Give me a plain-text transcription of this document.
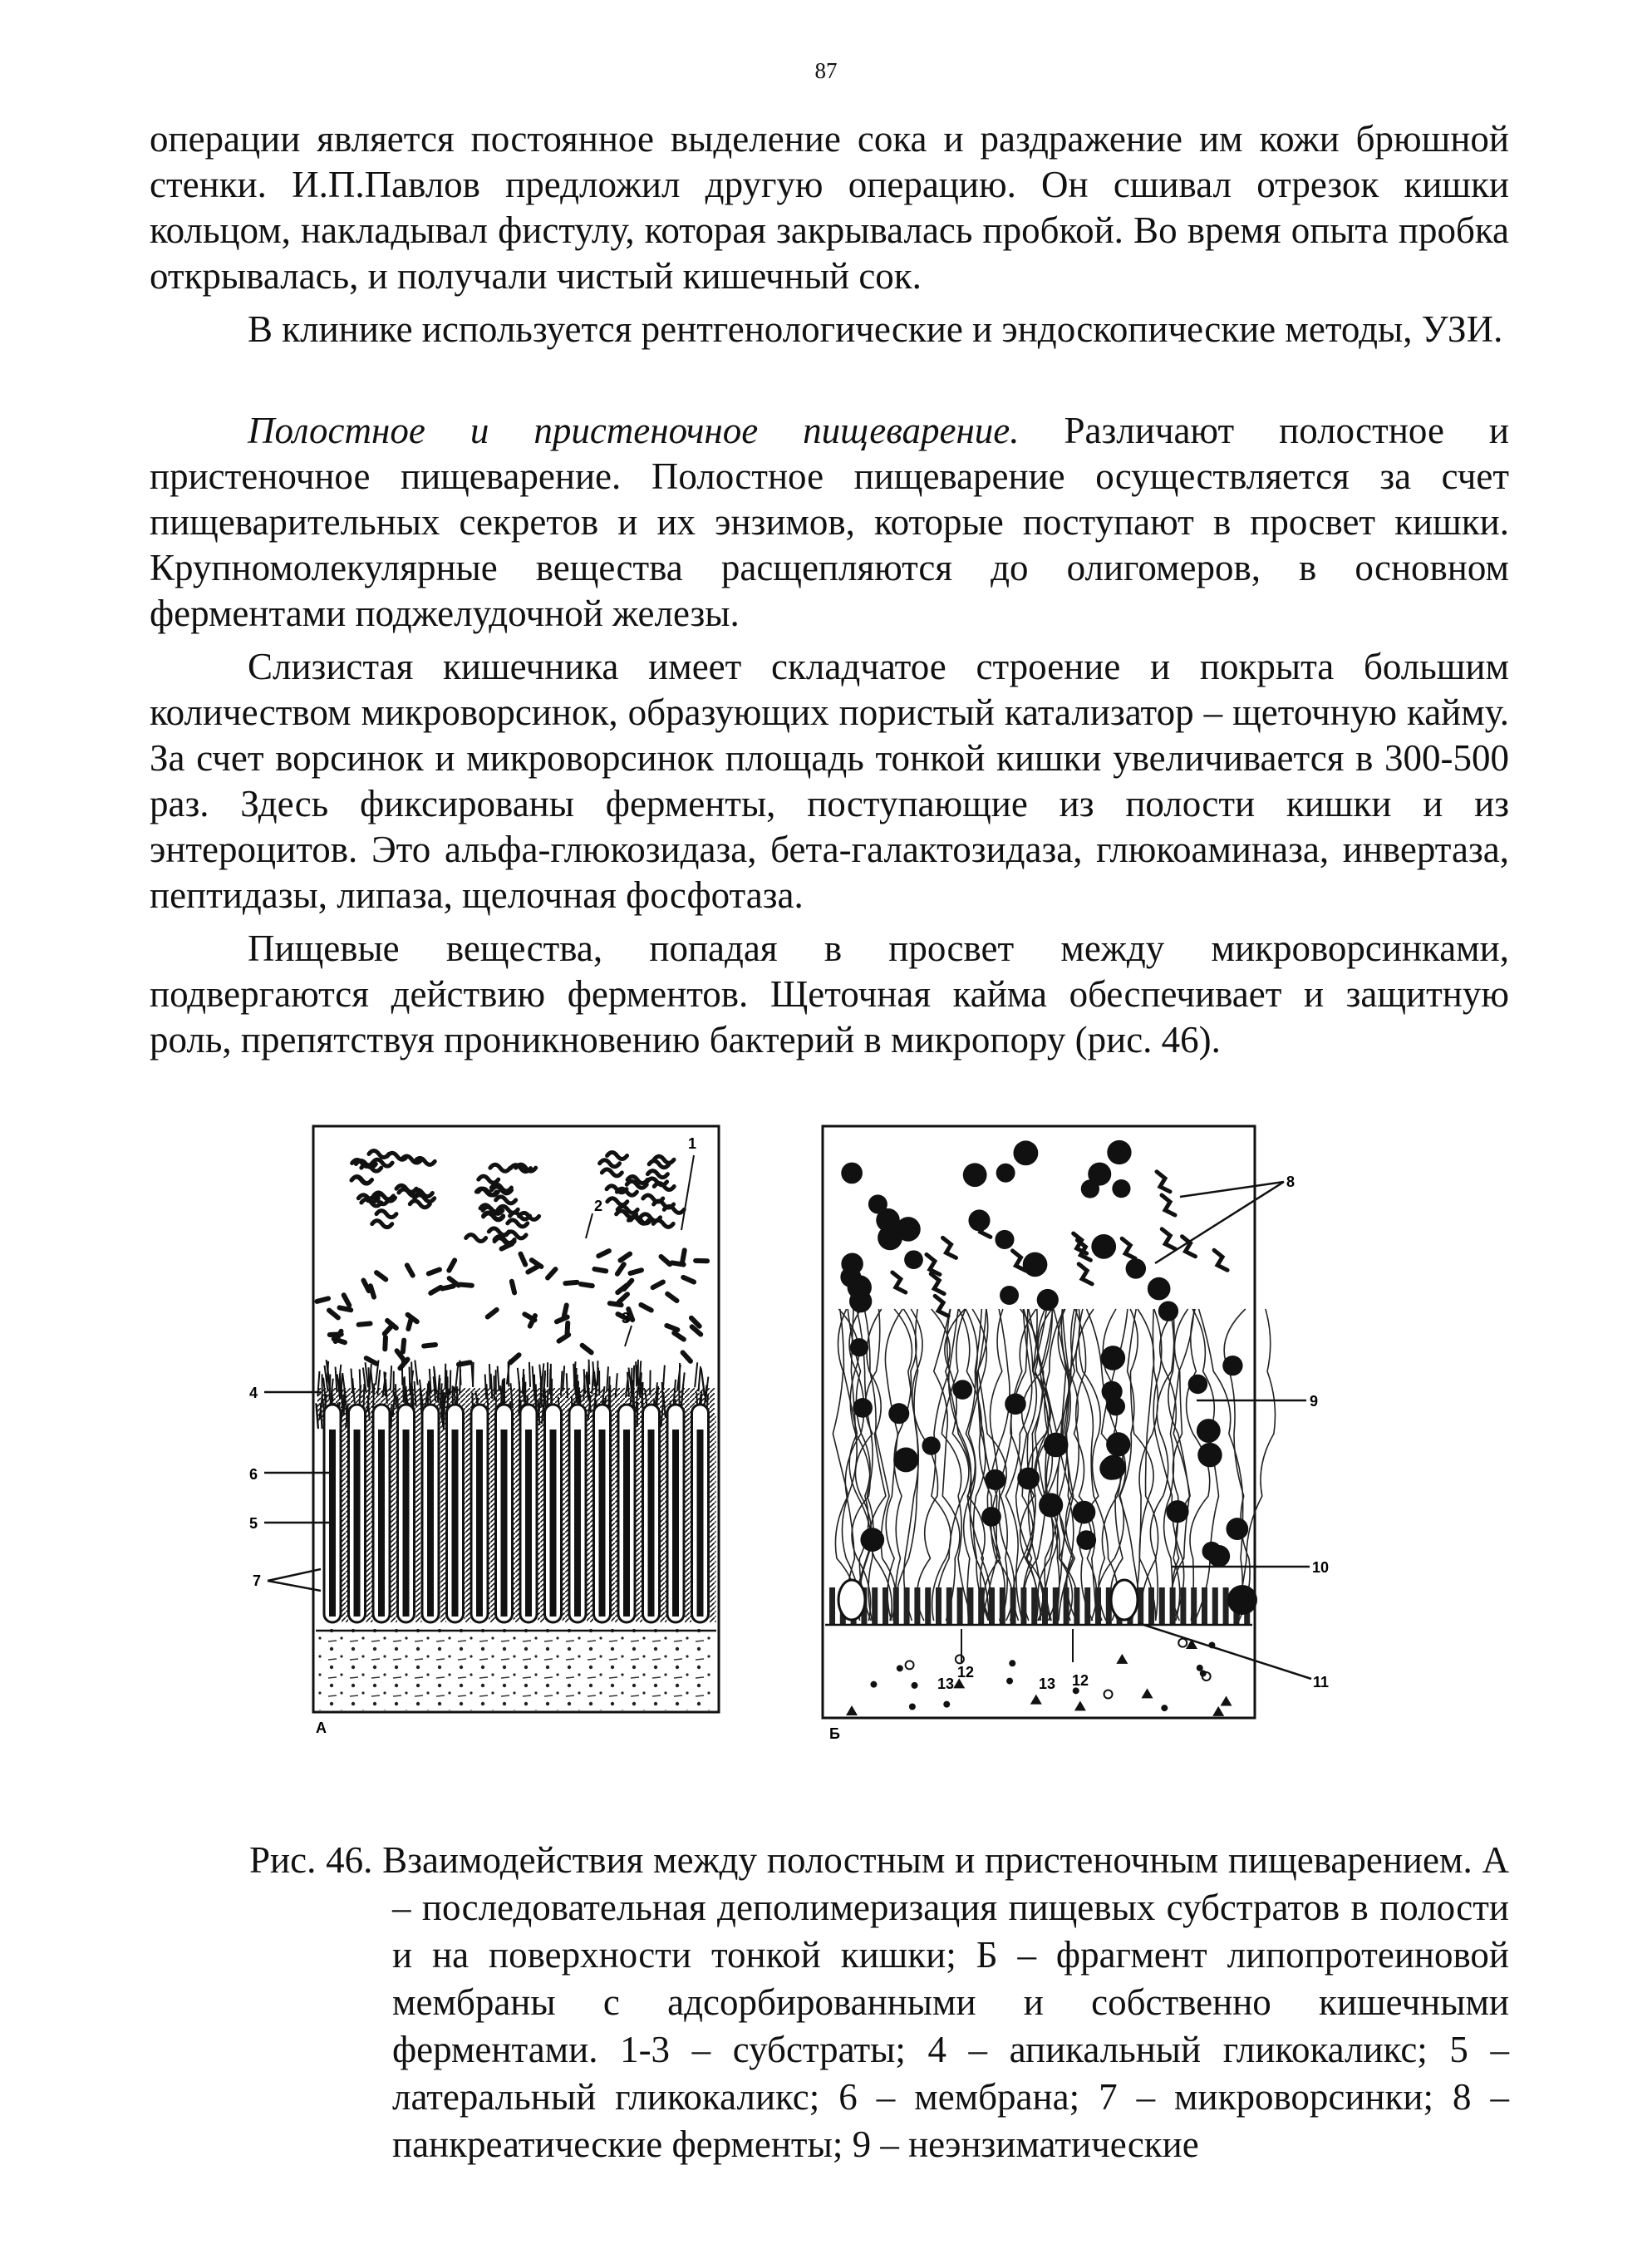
87

операции является постоянное выделение сока и раздражение им кожи брюшной стенки. И.П.Павлов предложил другую операцию. Он сшивал отрезок кишки кольцом, накладывал фистулу, которая закрывалась пробкой. Во время опыта пробка открывалась, и получали чистый кишечный сок.

В клинике используется рентгенологические и эндоскопические методы, УЗИ.

Полостное и пристеночное пищеварение. Различают полостное и пристеночное пищеварение. Полостное пищеварение осуществляется за счет пищеварительных секретов и их энзимов, которые поступают в просвет кишки. Крупномолекулярные вещества расщепляются до олигомеров, в основном ферментами поджелудочной железы.

Слизистая кишечника имеет складчатое строение и покрыта большим количеством микроворсинок, образующих пористый катализатор – щеточную кайму. За счет ворсинок и микроворсинок площадь тонкой кишки увеличивается в 300-500 раз. Здесь фиксированы ферменты, поступающие из полости кишки и из энтероцитов. Это альфа-глюкозидаза, бета-галактозидаза, глюкоаминаза, инвертаза, пептидазы, липаза, щелочная фосфотаза.

Пищевые вещества, попадая в просвет между микроворсинками, подвергаются действию ферментов. Щеточная кайма обеспечивает и защитную роль, препятствуя проникновению бактерий в микропору (рис. 46).

1
2
3
4
6
5
7
А
8
9
10
11
12
13	13 12
Б

Рис. 46. Взаимодействия между полостным и пристеночным пищеварением. А – последовательная деполимеризация пищевых субстратов в полости и на поверхности тонкой кишки; Б – фрагмент липопротеиновой мембраны с адсорбированными и собственно кишечными ферментами. 1-3 – субстраты; 4 – апикальный гликокаликс; 5 – латеральный гликокаликс; 6 – мембрана; 7 – микроворсинки; 8 – панкреатические ферменты; 9 – неэнзиматические
